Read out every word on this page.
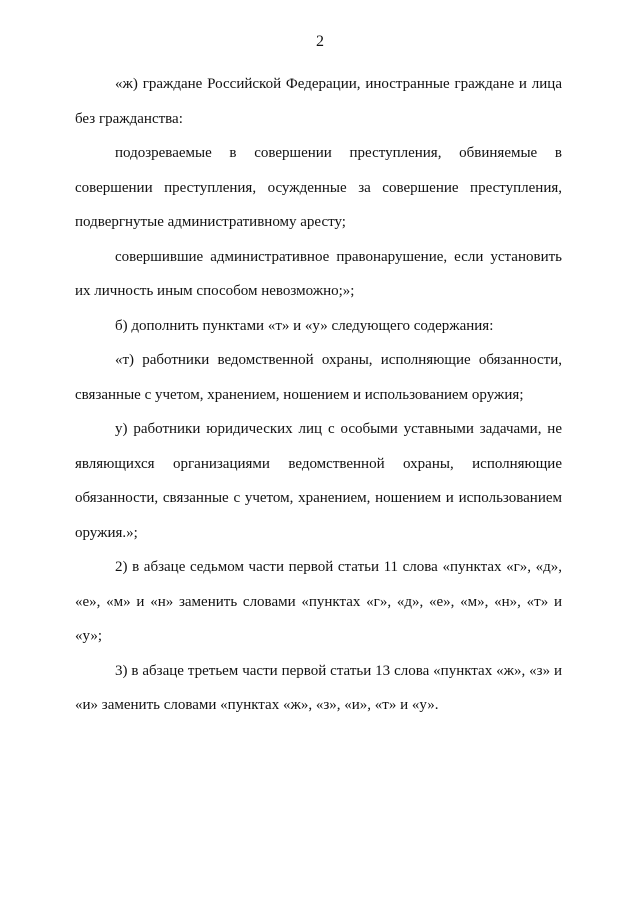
2

«ж) граждане Российской Федерации, иностранные граждане и лица без гражданства:

подозреваемые в совершении преступления, обвиняемые в совершении преступления, осужденные за совершение преступления, подвергнутые административному аресту;

совершившие административное правонарушение, если установить их личность иным способом невозможно;»;

б) дополнить пунктами «т» и «у» следующего содержания:

«т) работники ведомственной охраны, исполняющие обязанности, связанные с учетом, хранением, ношением и использованием оружия;

у) работники юридических лиц с особыми уставными задачами, не являющихся организациями ведомственной охраны, исполняющие обязанности, связанные с учетом, хранением, ношением и использованием оружия.»;

2) в абзаце седьмом части первой статьи 11 слова «пунктах «г», «д», «е», «м» и «н» заменить словами «пунктах «г», «д», «е», «м», «н», «т» и «у»;

3) в абзаце третьем части первой статьи 13 слова «пунктах «ж», «з» и «и» заменить словами «пунктах «ж», «з», «и», «т» и «у».
